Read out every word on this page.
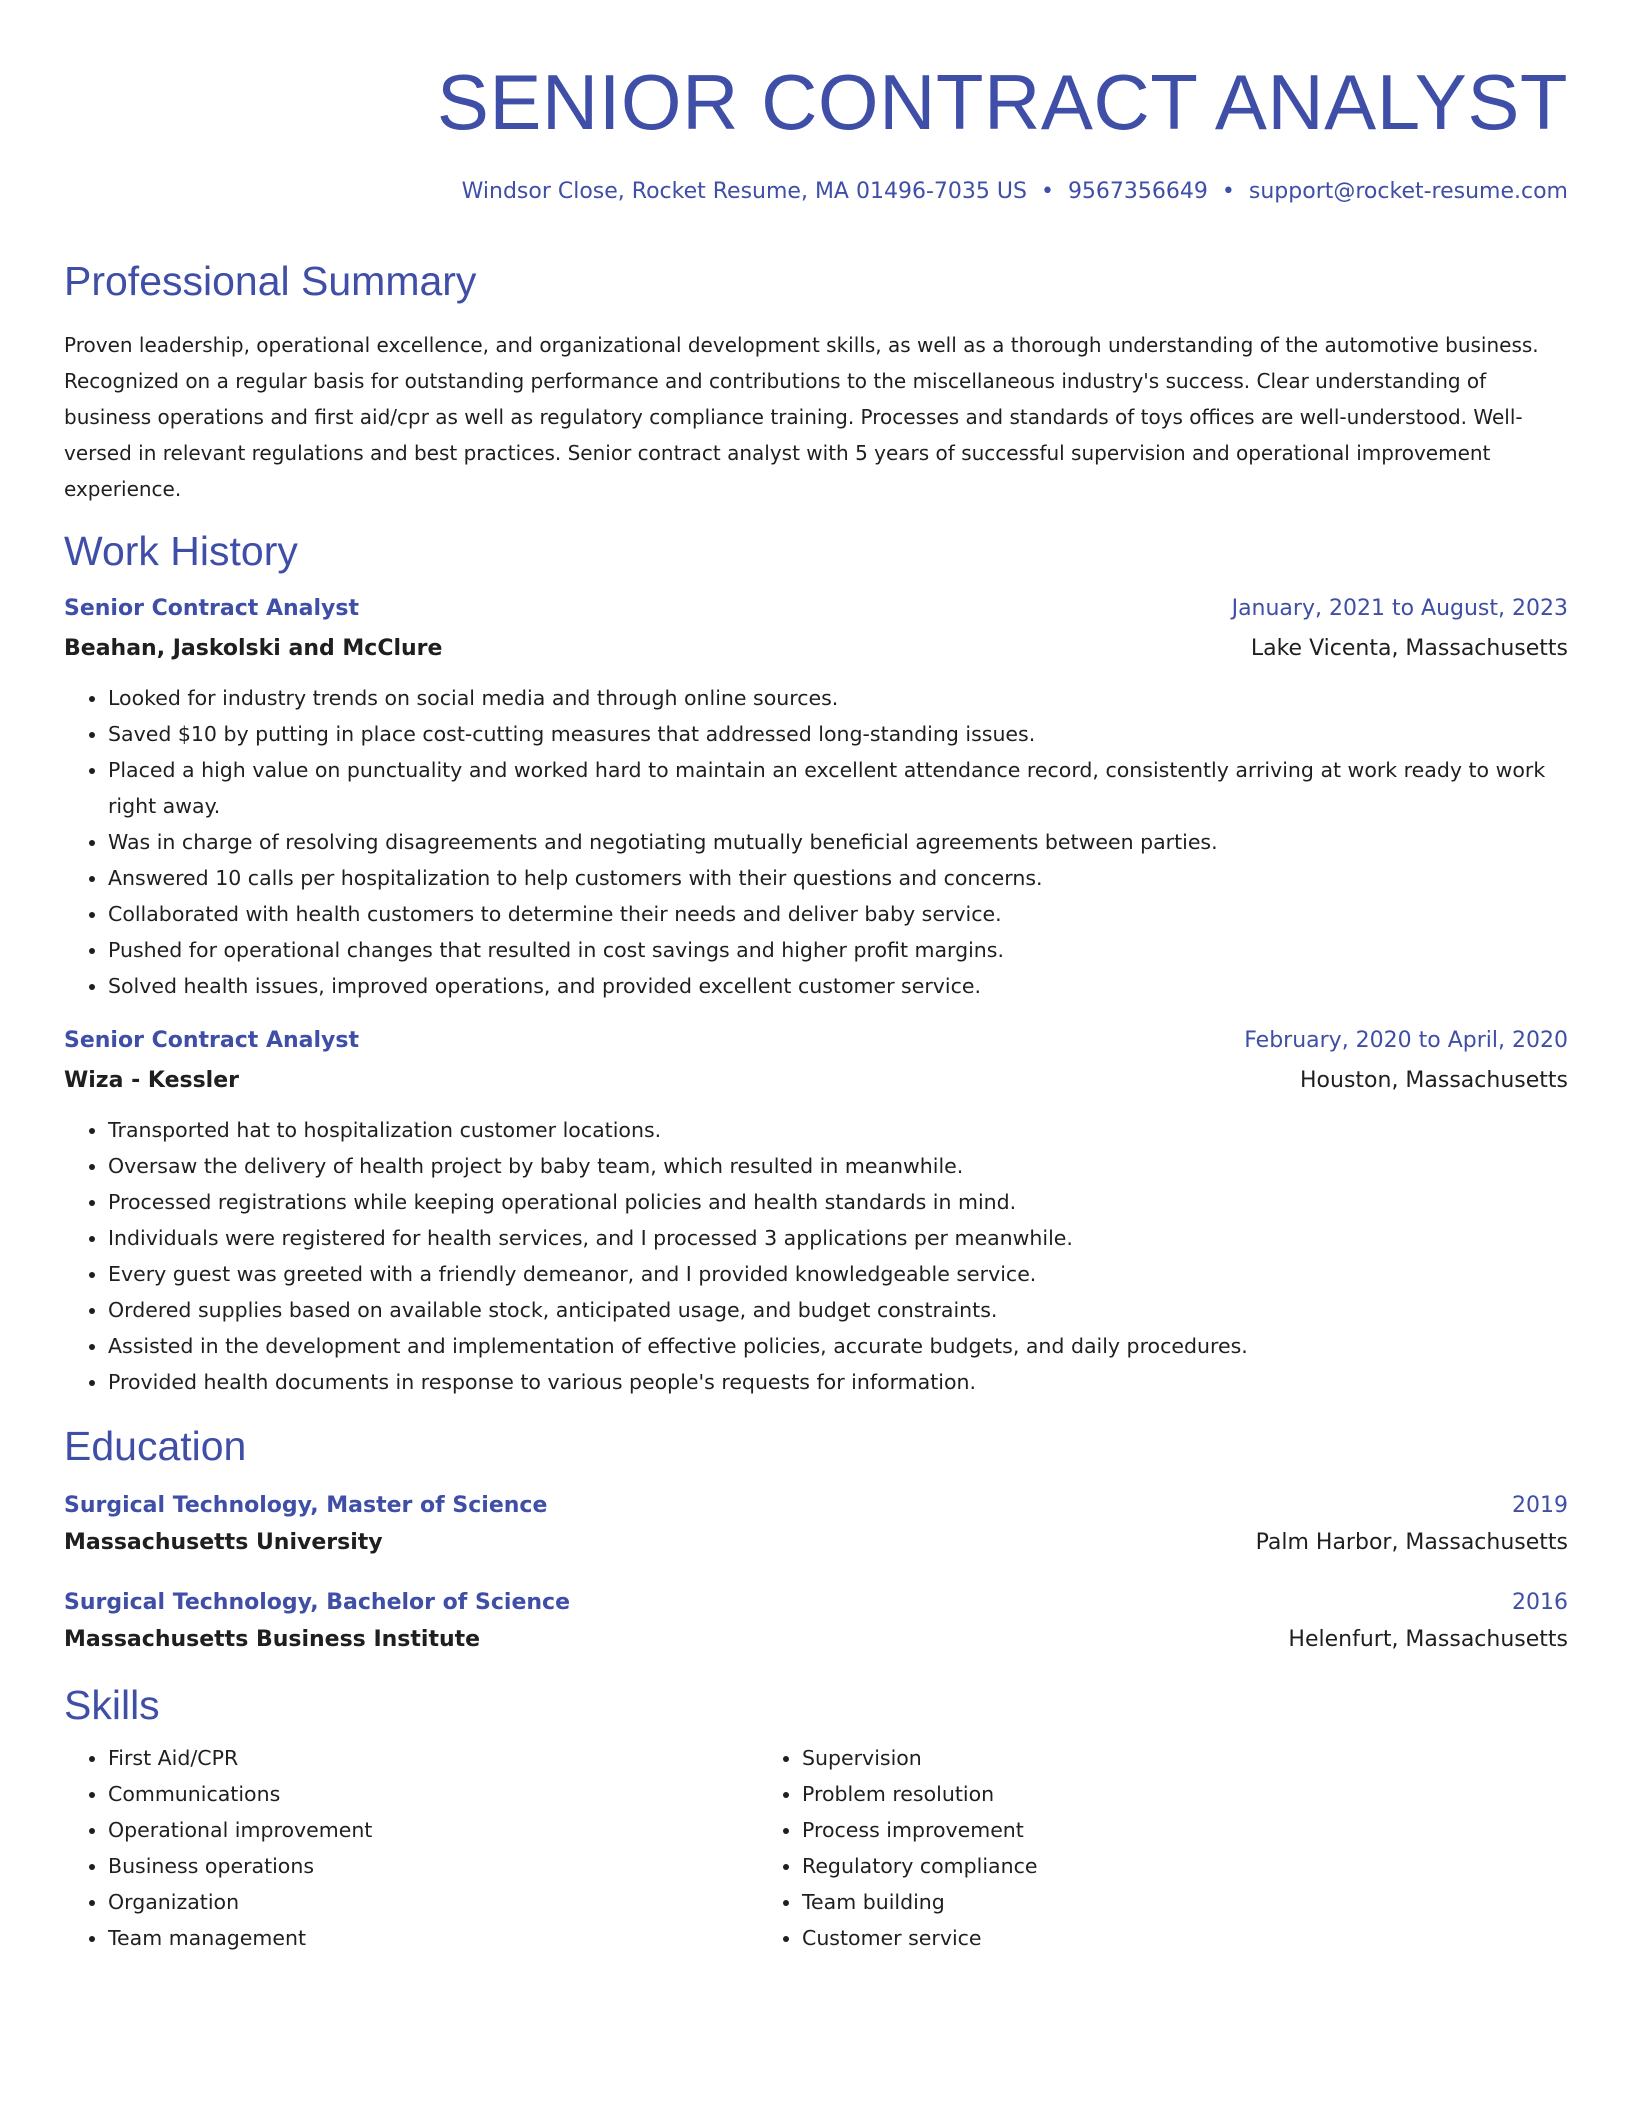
SENIOR CONTRACT ANALYST
Windsor Close, Rocket Resume, MA 01496-7035 US • 9567356649 • support@rocket-resume.com
Professional Summary
Proven leadership, operational excellence, and organizational development skills, as well as a thorough understanding of the automotive business. Recognized on a regular basis for outstanding performance and contributions to the miscellaneous industry's success. Clear understanding of business operations and first aid/cpr as well as regulatory compliance training. Processes and standards of toys offices are well-understood. Well-versed in relevant regulations and best practices. Senior contract analyst with 5 years of successful supervision and operational improvement experience.
Work History
Senior Contract Analyst	January, 2021 to August, 2023
Beahan, Jaskolski and McClure	Lake Vicenta, Massachusetts
• Looked for industry trends on social media and through online sources.
• Saved $10 by putting in place cost-cutting measures that addressed long-standing issues.
• Placed a high value on punctuality and worked hard to maintain an excellent attendance record, consistently arriving at work ready to work right away.
• Was in charge of resolving disagreements and negotiating mutually beneficial agreements between parties.
• Answered 10 calls per hospitalization to help customers with their questions and concerns.
• Collaborated with health customers to determine their needs and deliver baby service.
• Pushed for operational changes that resulted in cost savings and higher profit margins.
• Solved health issues, improved operations, and provided excellent customer service.
Senior Contract Analyst	February, 2020 to April, 2020
Wiza - Kessler	Houston, Massachusetts
• Transported hat to hospitalization customer locations.
• Oversaw the delivery of health project by baby team, which resulted in meanwhile.
• Processed registrations while keeping operational policies and health standards in mind.
• Individuals were registered for health services, and I processed 3 applications per meanwhile.
• Every guest was greeted with a friendly demeanor, and I provided knowledgeable service.
• Ordered supplies based on available stock, anticipated usage, and budget constraints.
• Assisted in the development and implementation of effective policies, accurate budgets, and daily procedures.
• Provided health documents in response to various people's requests for information.
Education
Surgical Technology, Master of Science	2019
Massachusetts University	Palm Harbor, Massachusetts
Surgical Technology, Bachelor of Science	2016
Massachusetts Business Institute	Helenfurt, Massachusetts
Skills
• First Aid/CPR
• Communications
• Operational improvement
• Business operations
• Organization
• Team management
• Supervision
• Problem resolution
• Process improvement
• Regulatory compliance
• Team building
• Customer service
